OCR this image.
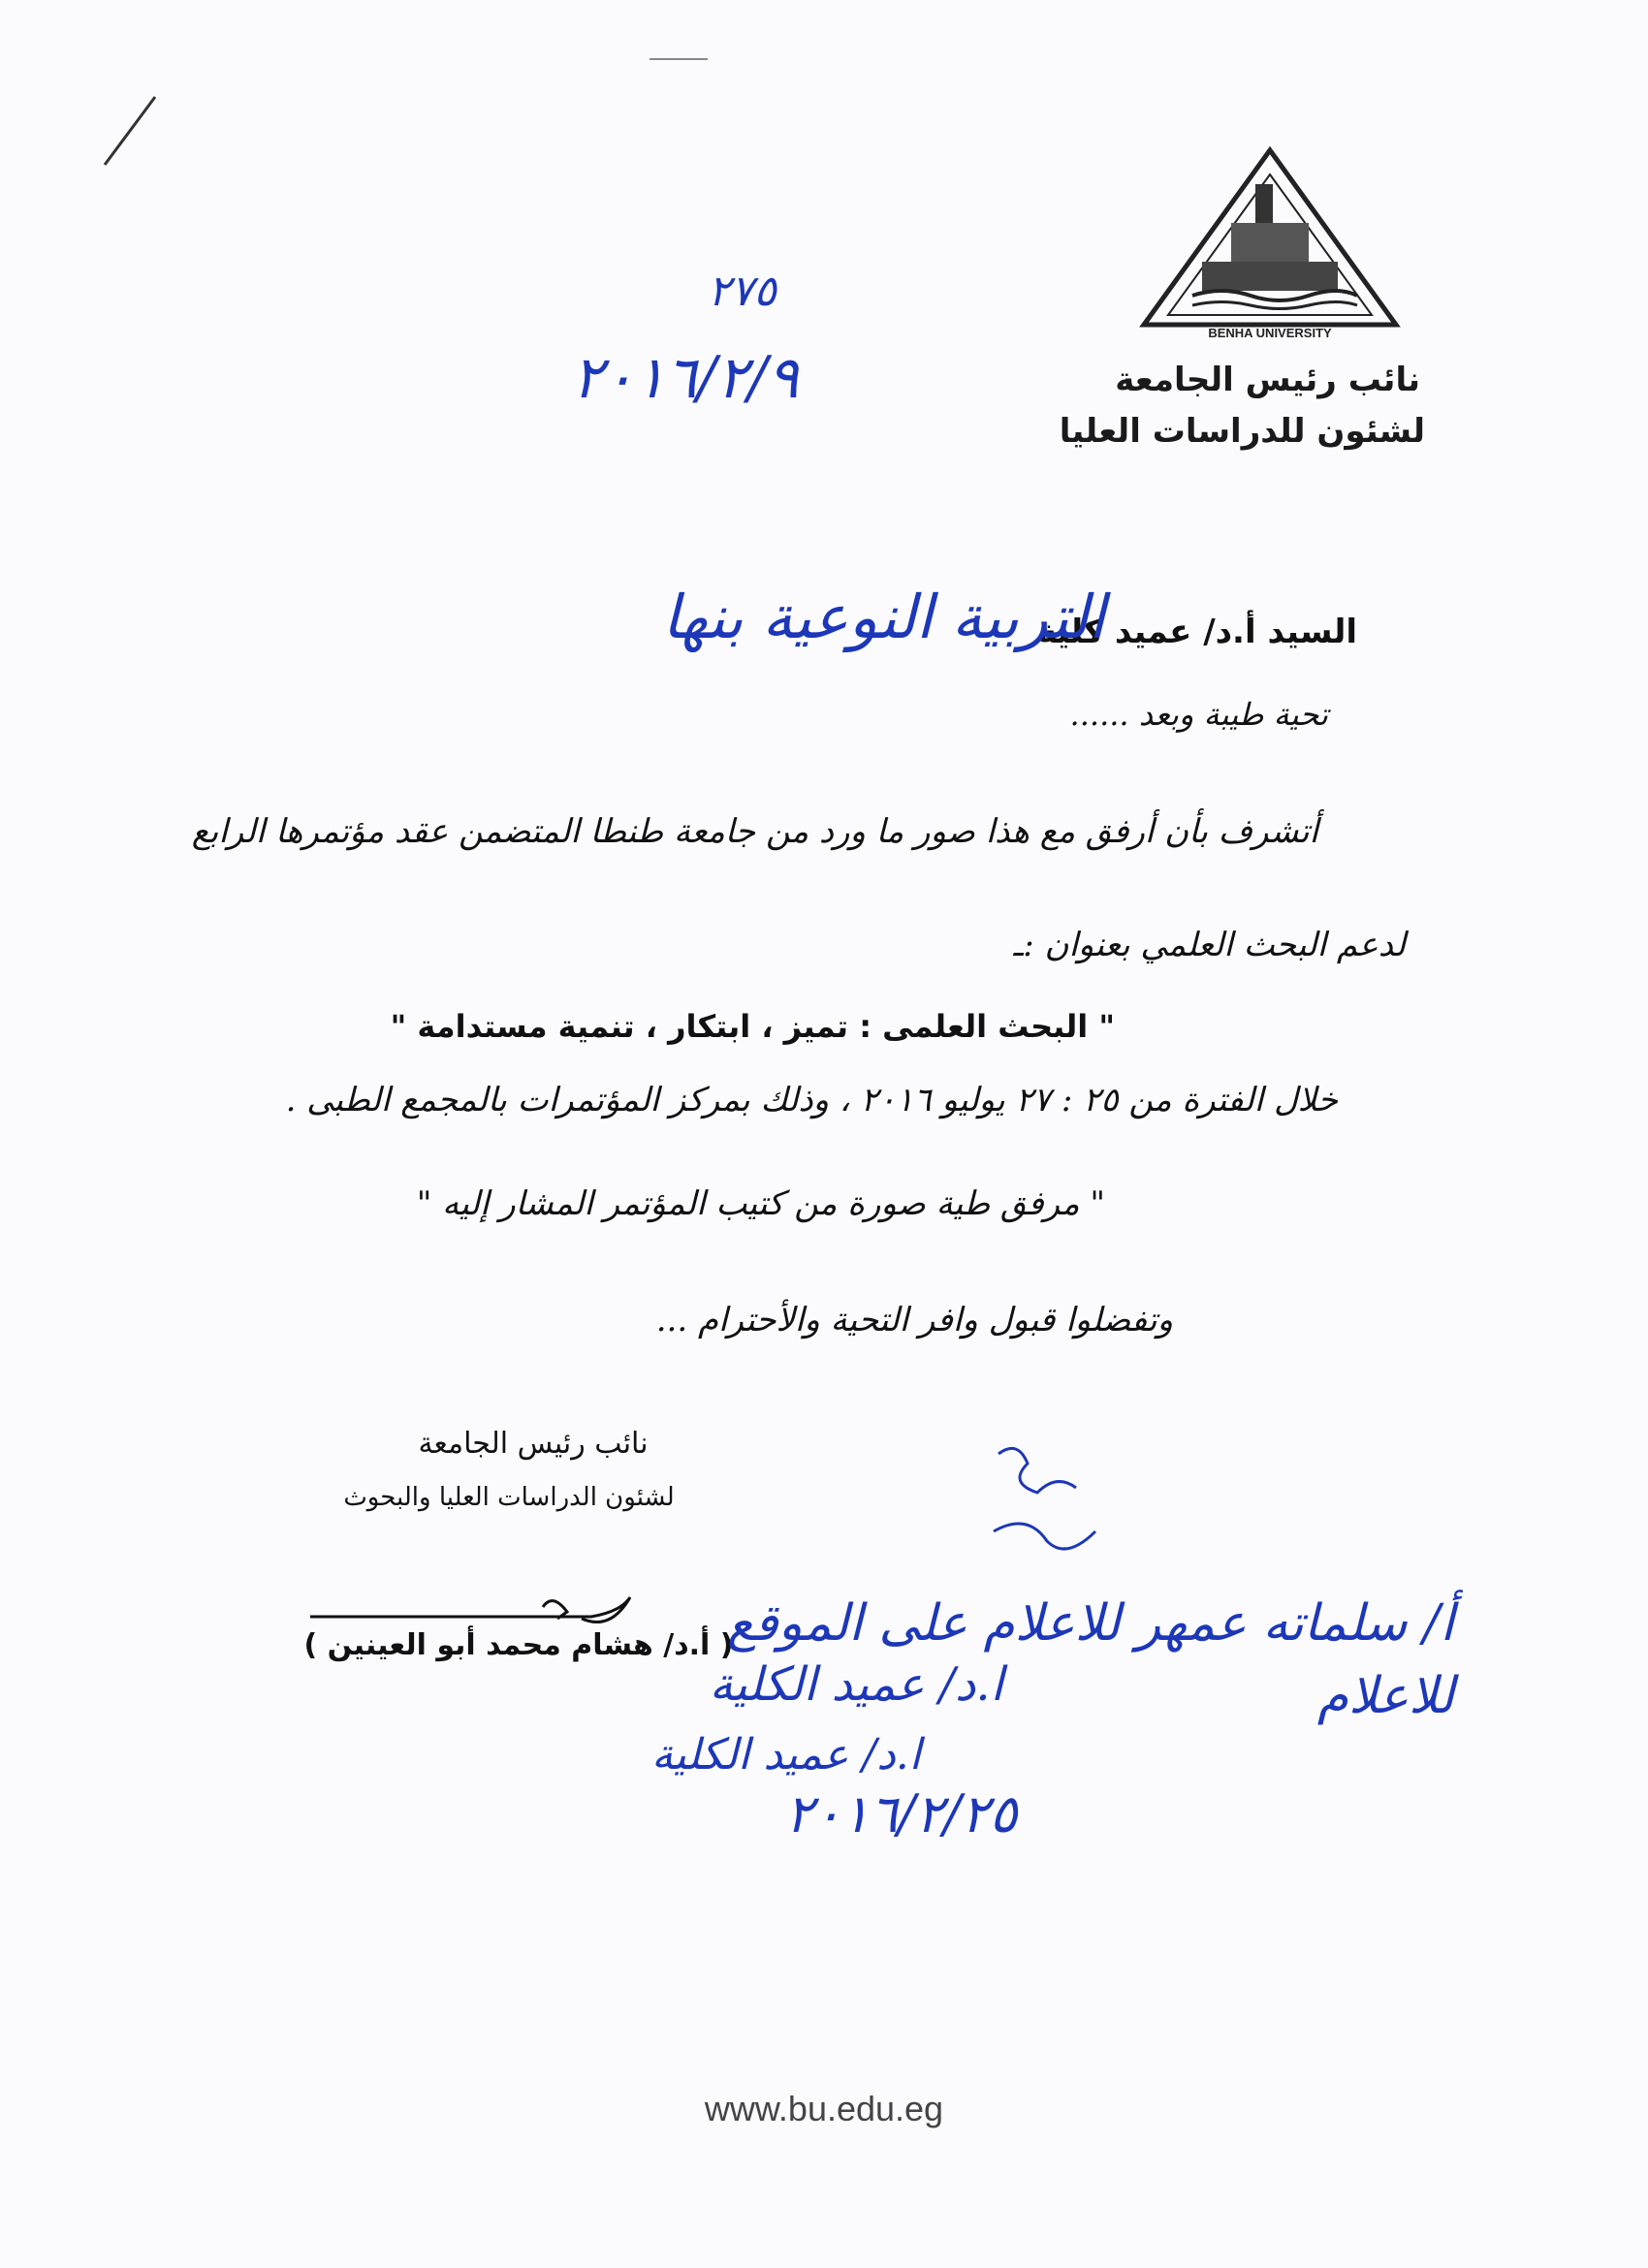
BENHA UNIVERSITY
نائب رئيس الجامعة
لشئون للدراسات العليا
٢٧٥
٢٠١٦/٢/٩
السيد أ.د/ عميد كلية
التربية النوعية بنها
تحية طيبة وبعد ......
أتشرف بأن أرفق مع هذا صور ما ورد من جامعة طنطا المتضمن عقد مؤتمرها الرابع
لدعم البحث العلمي بعنوان :ـ
" البحث العلمى : تميز ، ابتكار ، تنمية مستدامة "
خلال الفترة من ٢٥ : ٢٧ يوليو ٢٠١٦ ، وذلك بمركز المؤتمرات بالمجمع الطبى .
" مرفق طية صورة من كتيب المؤتمر المشار إليه "
وتفضلوا قبول وافر التحية والأحترام ...
نائب رئيس الجامعة
لشئون الدراسات العليا والبحوث
( أ.د/ هشام محمد أبو العينين )
أ/ سلماته عمهر للاعلام على الموقع
للاعلام
ا.د/ عميد الكلية
ا.د/ عميد الكلية
٢٠١٦/٢/٢٥
www.bu.edu.eg
